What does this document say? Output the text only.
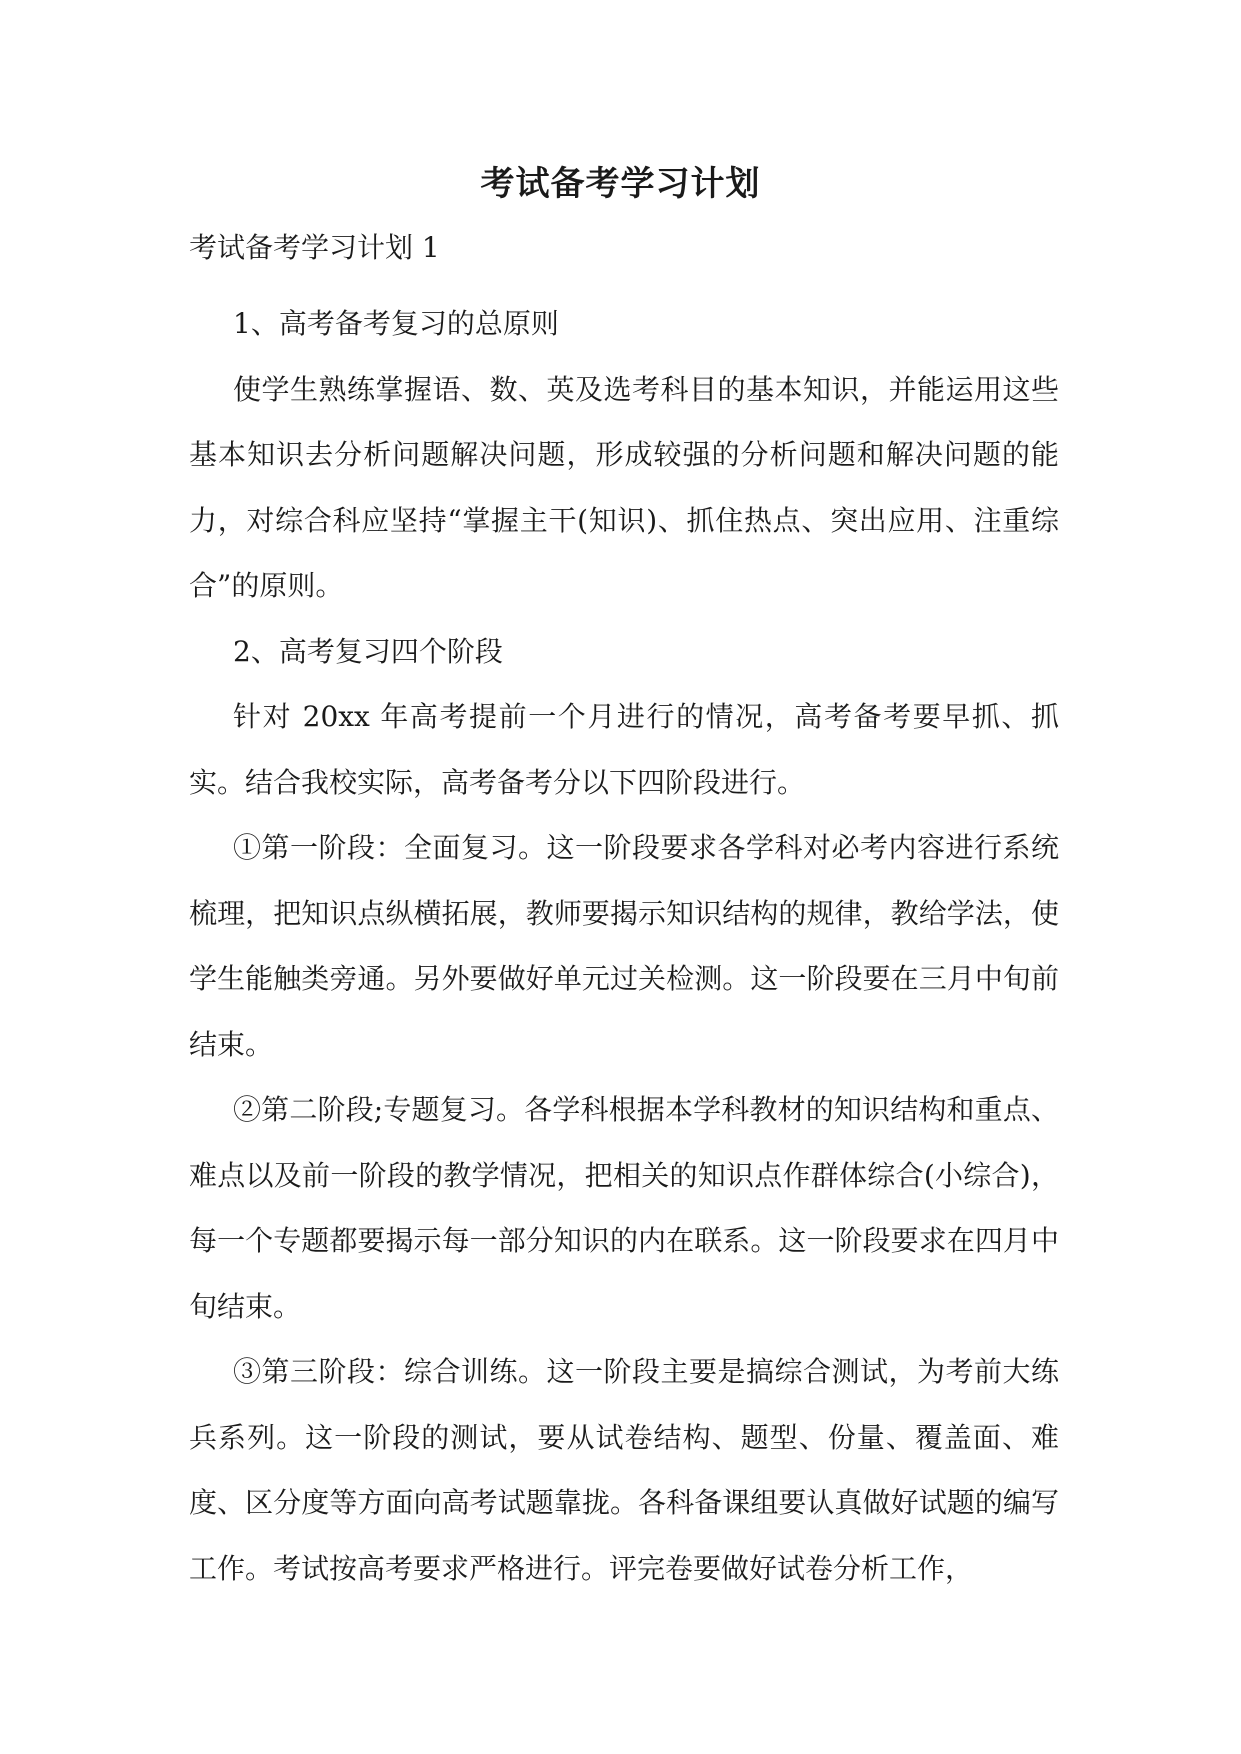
考试备考学习计划
考试备考学习计划 1

1、高考备考复习的总原则

使学生熟练掌握语、数、英及选考科目的基本知识，并能运用这些基本知识去分析问题解决问题，形成较强的分析问题和解决问题的能力，对综合科应坚持“掌握主干(知识)、抓住热点、突出应用、注重综合”的原则。

2、高考复习四个阶段

针对 20xx 年高考提前一个月进行的情况，高考备考要早抓、抓实。结合我校实际，高考备考分以下四阶段进行。

①第一阶段：全面复习。这一阶段要求各学科对必考内容进行系统梳理，把知识点纵横拓展，教师要揭示知识结构的规律，教给学法，使学生能触类旁通。另外要做好单元过关检测。这一阶段要在三月中旬前结束。

②第二阶段;专题复习。各学科根据本学科教材的知识结构和重点、难点以及前一阶段的教学情况，把相关的知识点作群体综合(小综合)，每一个专题都要揭示每一部分知识的内在联系。这一阶段要求在四月中旬结束。

③第三阶段：综合训练。这一阶段主要是搞综合测试，为考前大练兵系列。这一阶段的测试，要从试卷结构、题型、份量、覆盖面、难度、区分度等方面向高考试题靠拢。各科备课组要认真做好试题的编写工作。考试按高考要求严格进行。评完卷要做好试卷分析工作，
